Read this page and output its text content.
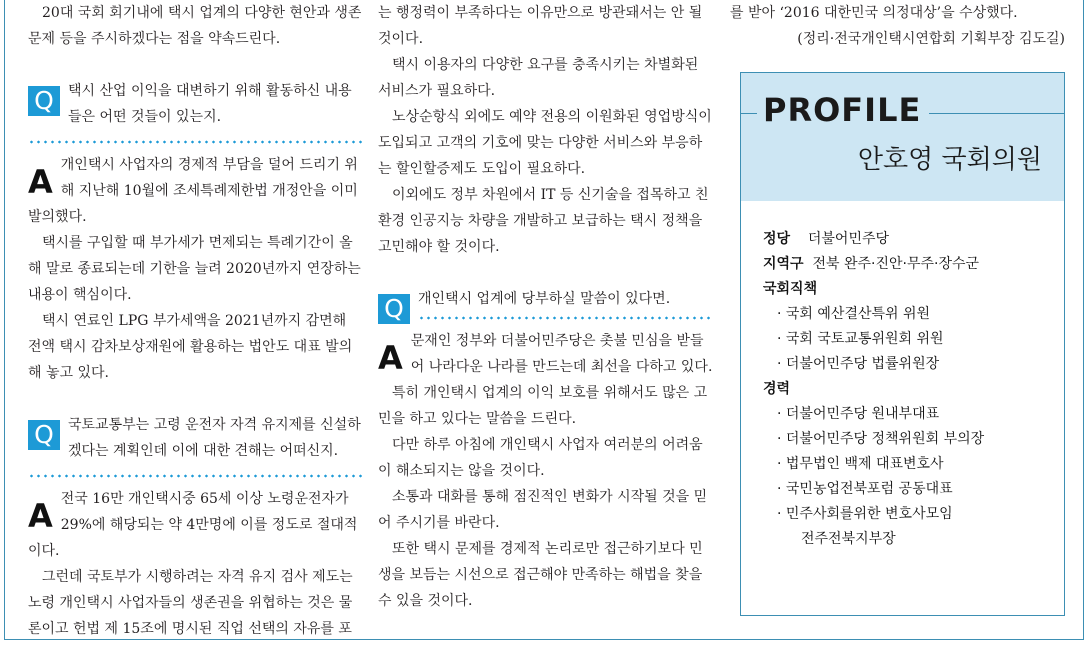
20대 국회 회기내에 택시 업계의 다양한 현안과 생존 문제 등을 주시하겠다는 점을 약속드린다.

Q	택시 산업 이익을 대변하기 위해 활동하신 내용들은 어떤 것들이 있는지.

A 개인택시 사업자의 경제적 부담을 덜어 드리기 위해 지난해 10월에 조세특례제한법 개정안을 이미 발의했다.

택시를 구입할 때 부가세가 면제되는 특례기간이 올해 말로 종료되는데 기한을 늘려 2020년까지 연장하는 내용이 핵심이다.

택시 연료인 LPG 부가세액을 2021년까지 감면해 전액 택시 감차보상재원에 활용하는 법안도 대표 발의해 놓고 있다.

Q	국토교통부는 고령 운전자 자격 유지제를 신설하겠다는 계획인데 이에 대한 견해는 어떠신지.

A 전국 16만 개인택시중 65세 이상 노령운전자가 29%에 해당되는 약 4만명에 이를 정도로 절대적이다.

그런데 국토부가 시행하려는 자격 유지 검사 제도는 노령 개인택시 사업자들의 생존권을 위협하는 것은 물론이고 헌법 제 15조에 명시된 직업 선택의 자유를 포

는 행정력이 부족하다는 이유만으로 방관돼서는 안 될 것이다.

택시 이용자의 다양한 요구를 충족시키는 차별화된 서비스가 필요하다.

노상순항식 외에도 예약 전용의 이원화된 영업방식이 도입되고 고객의 기호에 맞는 다양한 서비스와 부응하는 할인할증제도 도입이 필요하다.

이외에도 정부 차원에서 IT 등 신기술을 접목하고 친환경 인공지능 차량을 개발하고 보급하는 택시 정책을 고민해야 할 것이다.

Q	개인택시 업계에 당부하실 말씀이 있다면.

A 문재인 정부와 더불어민주당은 촛불 민심을 받들어 나라다운 나라를 만드는데 최선을 다하고 있다.

특히 개인택시 업계의 이익 보호를 위해서도 많은 고민을 하고 있다는 말씀을 드린다.

다만 하루 아침에 개인택시 사업자 여러분의 어려움이 해소되지는 않을 것이다.

소통과 대화를 통해 점진적인 변화가 시작될 것을 믿어 주시기를 바란다.

또한 택시 문제를 경제적 논리로만 접근하기보다 민생을 보듬는 시선으로 접근해야 만족하는 해법을 찾을 수 있을 것이다.

를 받아 ‘2016 대한민국 의정대상’을 수상했다.

(정리·전국개인택시연합회 기획부장 김도길)

PROFILE
안호영 국회의원
정당 더불어민주당
지역구 전북 완주·진안·무주·장수군
국회직책
· 국회 예산결산특위 위원
· 국회 국토교통위원회 위원
· 더불어민주당 법률위원장
경력
· 더불어민주당 원내부대표
· 더불어민주당 정책위원회 부의장
· 법무법인 백제 대표변호사
· 국민농업전북포럼 공동대표
· 민주사회를위한 변호사모임
전주전북지부장
